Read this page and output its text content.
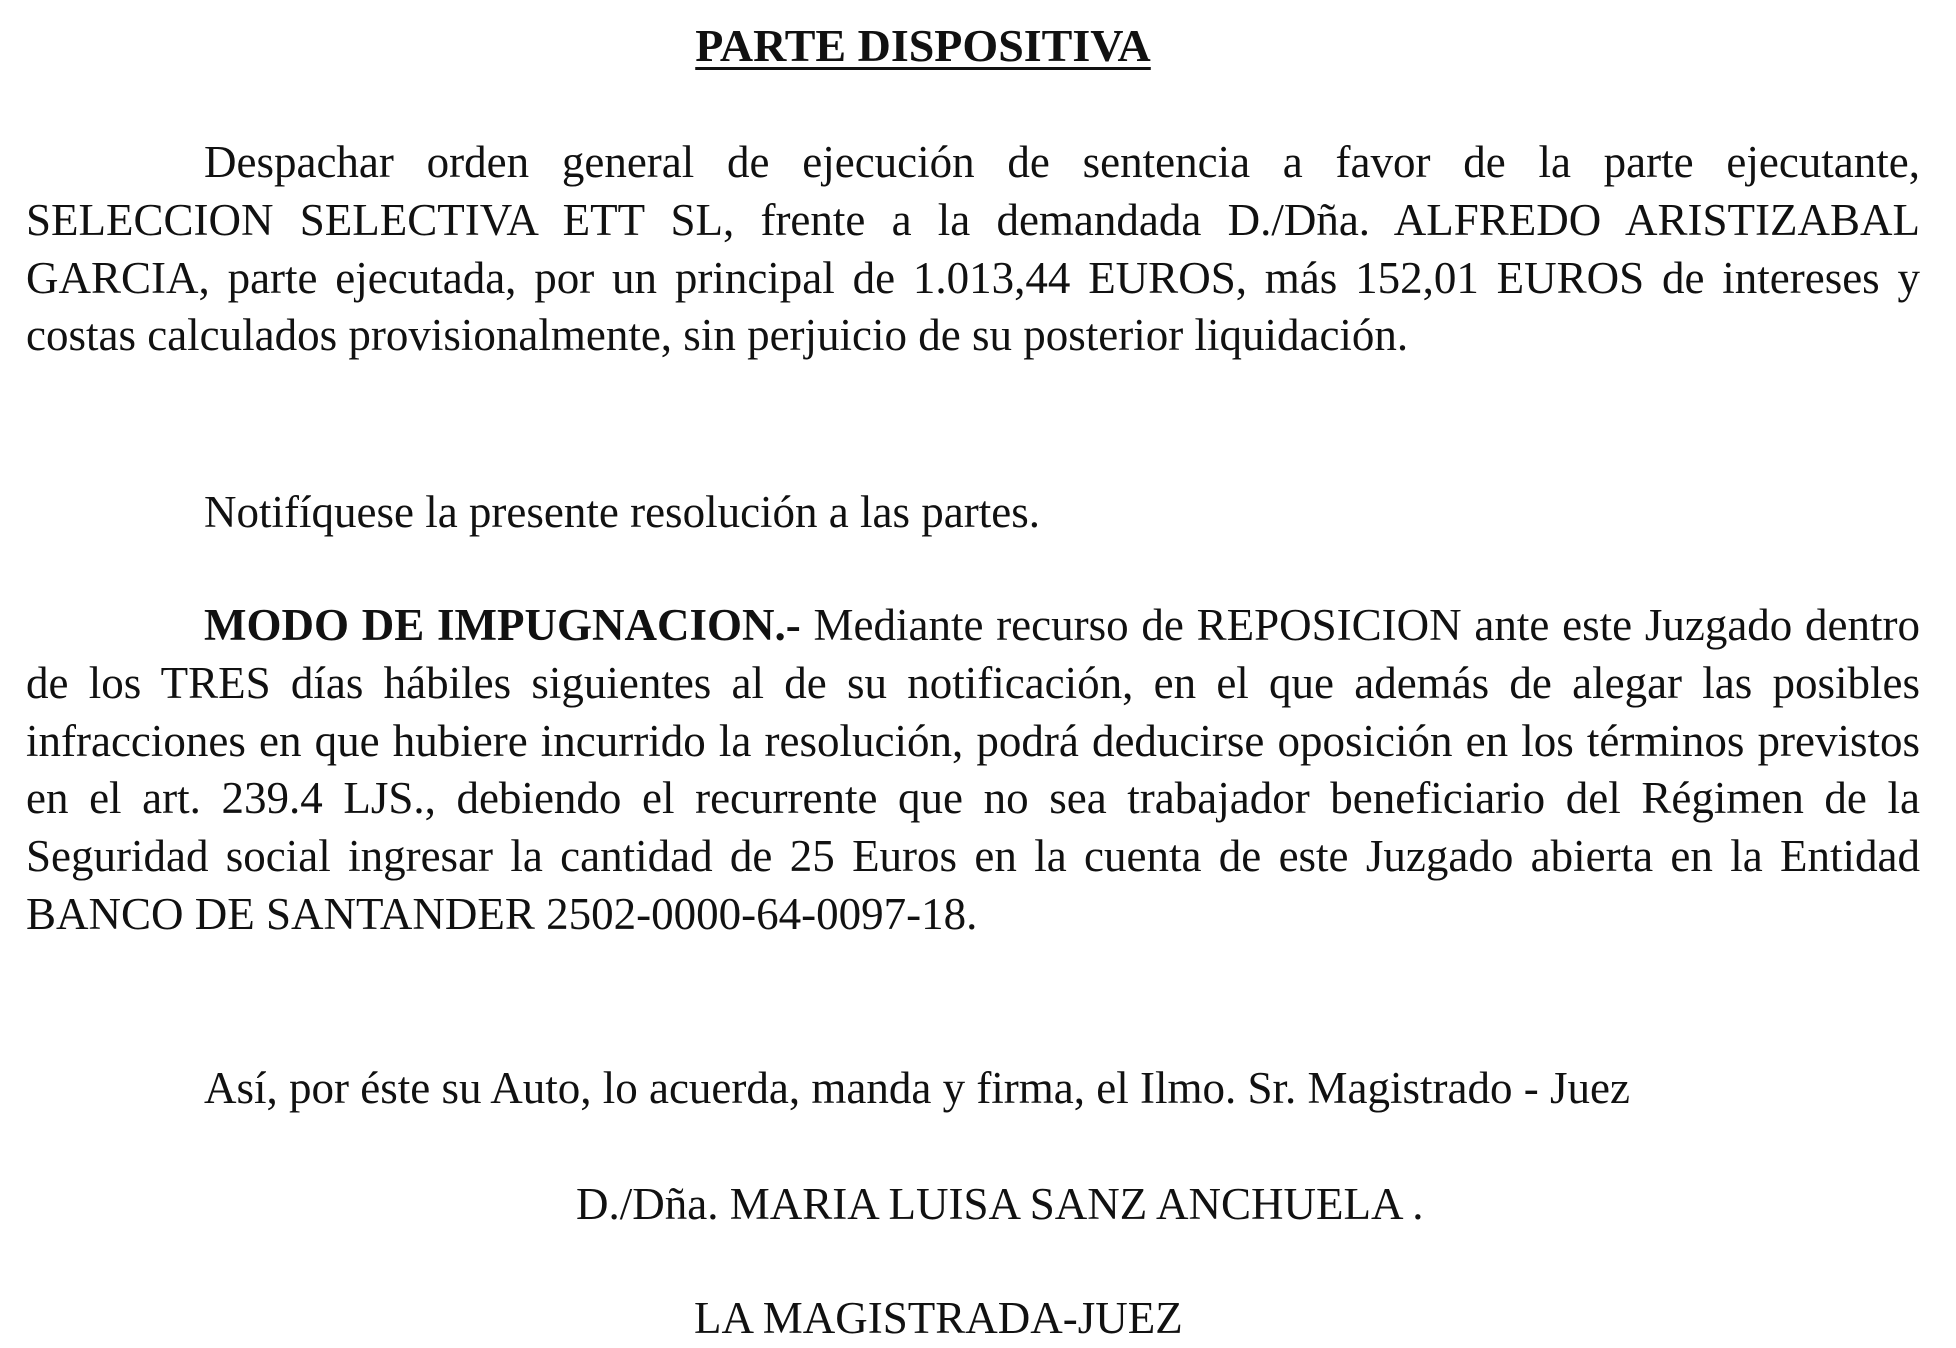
PARTE DISPOSITIVA

Despachar orden general de ejecución de sentencia a favor de la parte ejecutante, SELECCION SELECTIVA ETT SL, frente a la demandada D./Dña. ALFREDO ARISTIZABAL GARCIA, parte ejecutada, por un principal de 1.013,44 EUROS, más 152,01 EUROS de intereses y costas calculados provisionalmente, sin perjuicio de su posterior liquidación.

Notifíquese la presente resolución a las partes.

MODO DE IMPUGNACION.- Mediante recurso de REPOSICION ante este Juzgado dentro de los TRES días hábiles siguientes al de su notificación, en el que además de alegar las posibles infracciones en que hubiere incurrido la resolución, podrá deducirse oposición en los términos previstos en el art. 239.4 LJS., debiendo el recurrente que no sea trabajador beneficiario del Régimen de la Seguridad social ingresar la cantidad de 25 Euros en la cuenta de este Juzgado abierta en la Entidad BANCO DE SANTANDER 2502-0000-64-0097-18.

Así, por éste su Auto, lo acuerda, manda y firma, el Ilmo. Sr. Magistrado - Juez

D./Dña. MARIA LUISA SANZ ANCHUELA .

LA MAGISTRADA-JUEZ
